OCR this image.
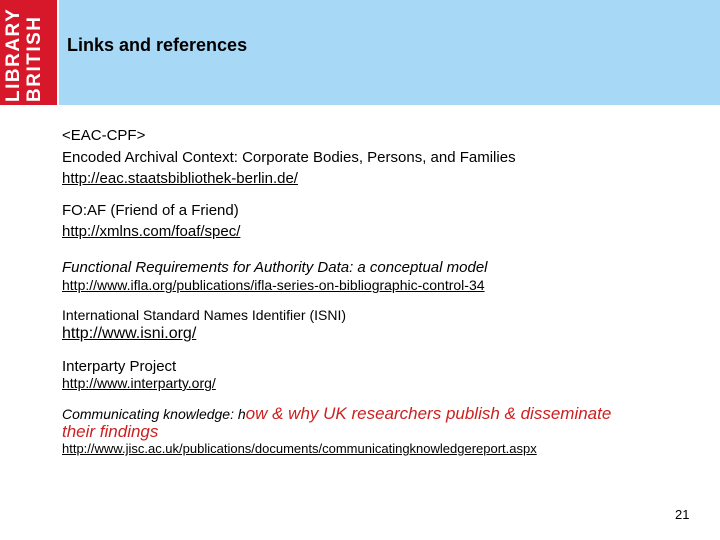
LIBRARY BRITISH Links and references
<EAC-CPF>
Encoded Archival Context: Corporate Bodies, Persons, and Families
http://eac.staatsbibliothek-berlin.de/
FO:AF (Friend of a Friend)
http://xmlns.com/foaf/spec/
Functional Requirements for Authority Data: a conceptual model
http://www.ifla.org/publications/ifla-series-on-bibliographic-control-34
International Standard Names Identifier (ISNI)
http://www.isni.org/
Interparty Project
http://www.interparty.org/
Communicating knowledge: how & why UK researchers publish & disseminate
their findings
http://www.jisc.ac.uk/publications/documents/communicatingknowledgereport.aspx
21
